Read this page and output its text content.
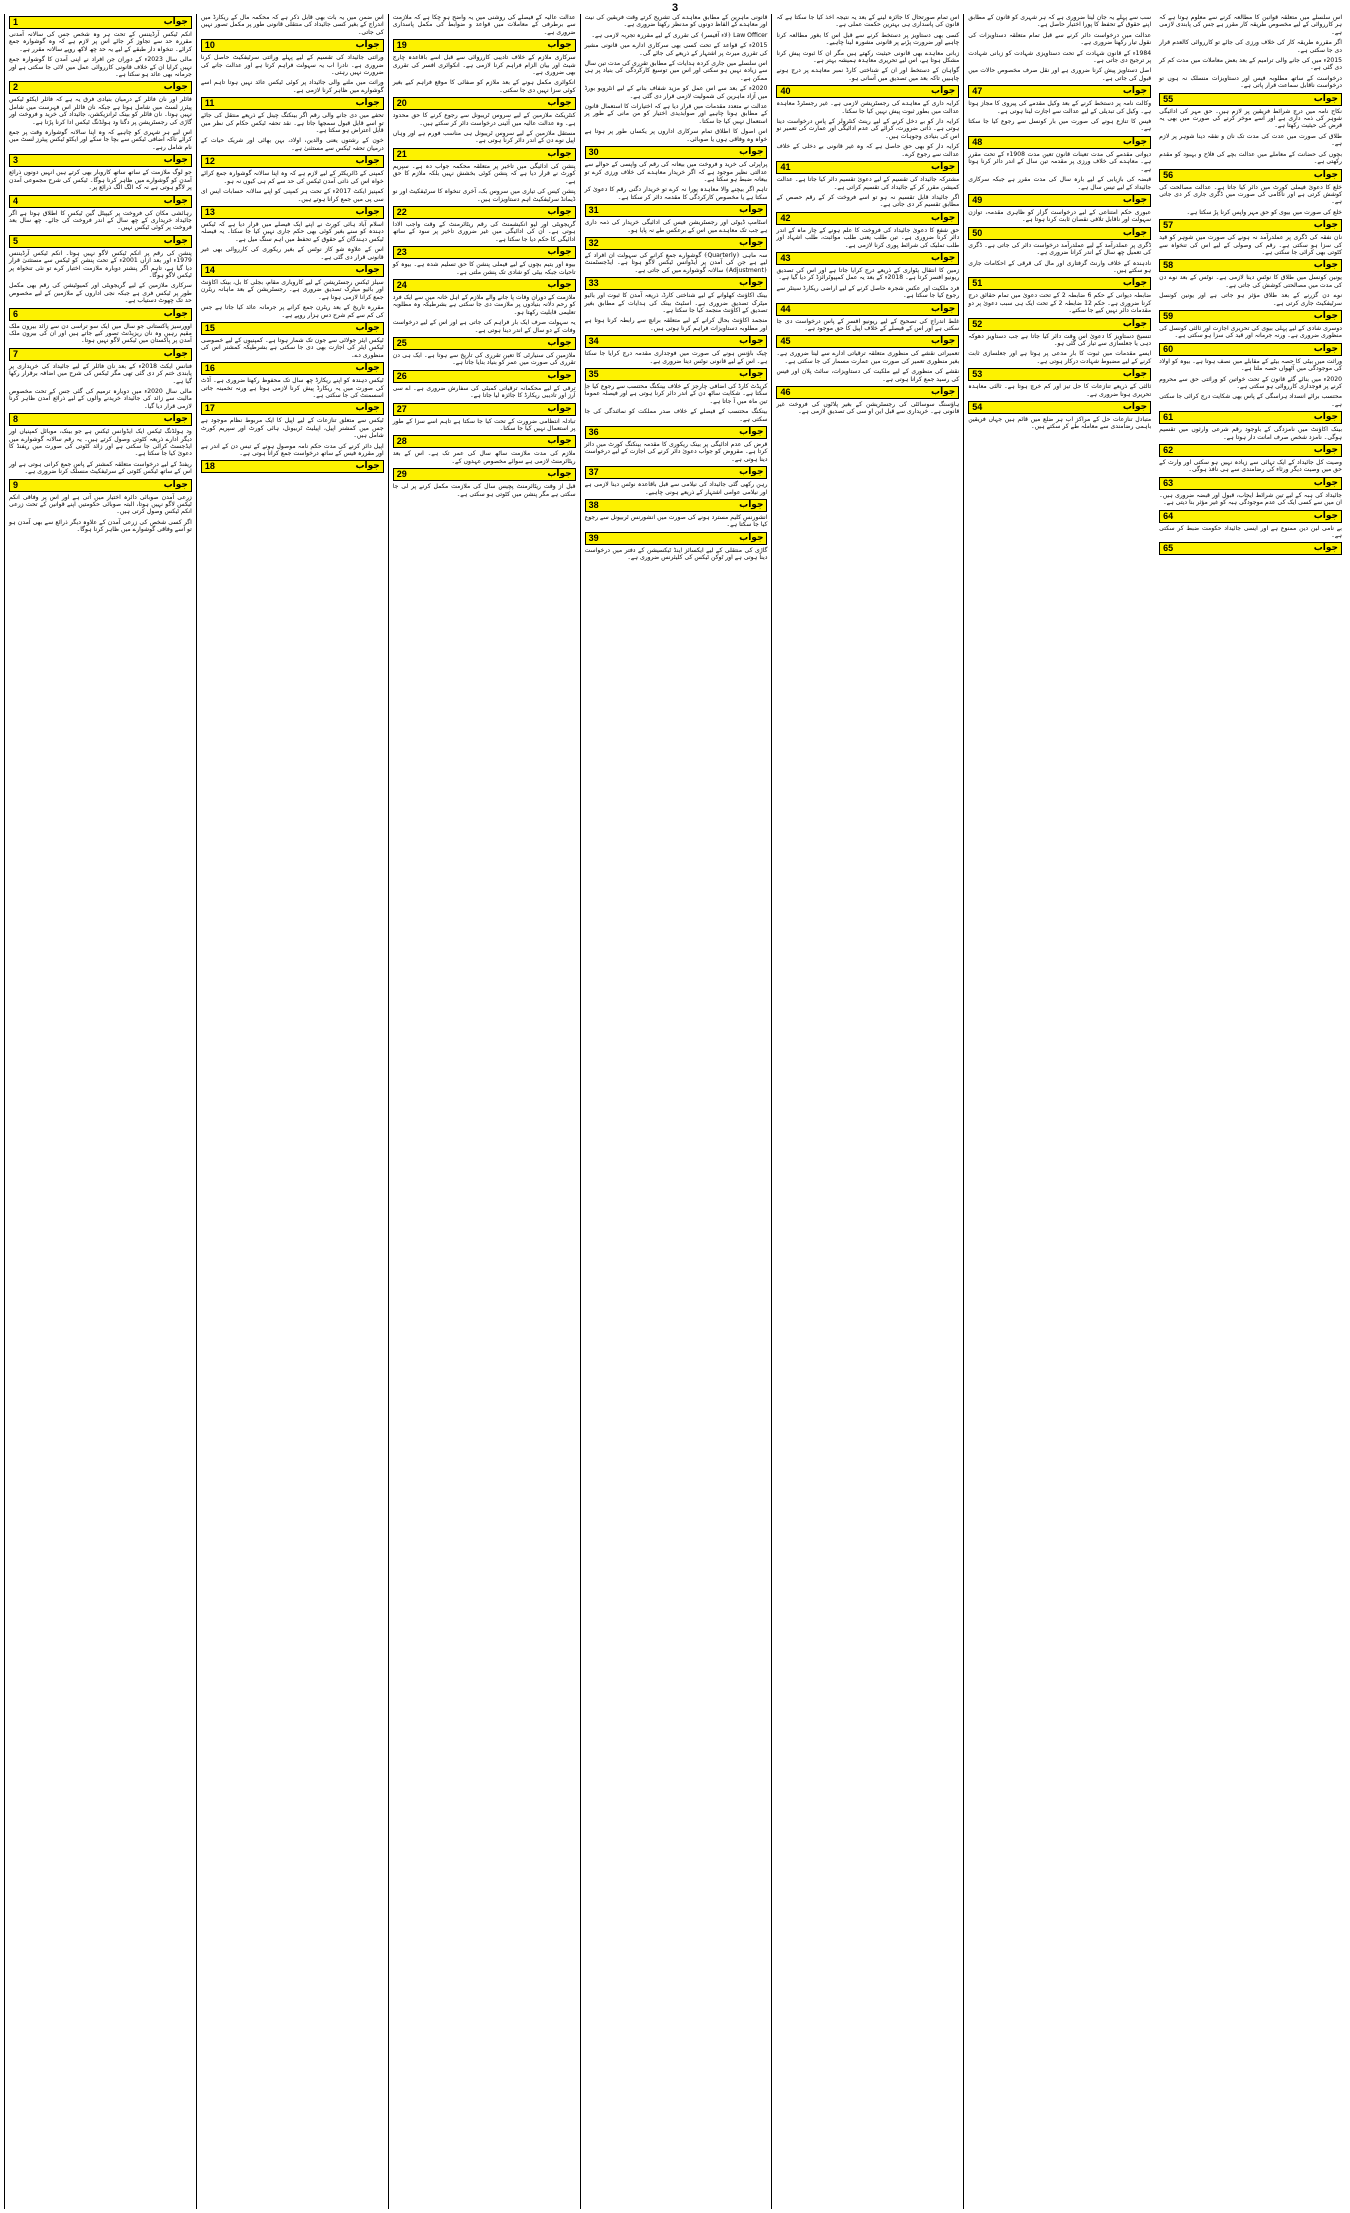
3
1	جواب
انکم ٹیکس آرڈیننس کے تحت ہر وہ شخص جس کی سالانہ آمدنی مقررہ حد سے تجاوز کر جائے اس پر لازم ہے کہ وہ گوشوارہ جمع کرائے۔ تنخواہ دار طبقے کے لیے یہ حد چھ لاکھ روپے سالانہ مقرر ہے۔
مالی سال 2023ء کے دوران جن افراد نے اپنی آمدن کا گوشوارہ جمع نہیں کرایا ان کے خلاف قانونی کارروائی عمل میں لائی جا سکتی ہے اور جرمانہ بھی عائد ہو سکتا ہے۔
2	جواب
فائلر اور نان فائلر کے درمیان بنیادی فرق یہ ہے کہ فائلر ایکٹو ٹیکس پیئرز لسٹ میں شامل ہوتا ہے جبکہ نان فائلر اس فہرست میں شامل نہیں ہوتا۔ نان فائلر کو بینک ٹرانزیکشن، جائیداد کی خرید و فروخت اور گاڑی کی رجسٹریشن پر دگنا ود ہولڈنگ ٹیکس ادا کرنا پڑتا ہے۔
اس لیے ہر شہری کو چاہیے کہ وہ اپنا سالانہ گوشوارہ وقت پر جمع کرائے تاکہ اضافی ٹیکس سے بچا جا سکے اور ایکٹو ٹیکس پیئرز لسٹ میں نام شامل رہے۔
3	جواب
جو لوگ ملازمت کے ساتھ ساتھ کاروبار بھی کرتے ہیں انہیں دونوں ذرائع آمدن کو گوشوارے میں ظاہر کرنا ہوگا۔ ٹیکس کی شرح مجموعی آمدن پر لاگو ہوتی ہے نہ کہ الگ الگ ذرائع پر۔
4	جواب
رہائشی مکان کی فروخت پر کیپیٹل گین ٹیکس کا اطلاق ہوتا ہے اگر جائیداد خریداری کے چھ سال کے اندر فروخت کی جائے۔ چھ سال بعد فروخت پر کوئی ٹیکس نہیں۔
5	جواب
پنشن کی رقم پر انکم ٹیکس لاگو نہیں ہوتا۔ انکم ٹیکس آرڈیننس 1979ء اور بعد ازاں 2001ء کے تحت پنشن کو ٹیکس سے مستثنیٰ قرار دیا گیا ہے، تاہم اگر پنشنر دوبارہ ملازمت اختیار کرے تو نئی تنخواہ پر ٹیکس لاگو ہوگا۔
سرکاری ملازمین کے لیے گریجویٹی اور کمیوٹیشن کی رقم بھی مکمل طور پر ٹیکس فری ہے جبکہ نجی اداروں کے ملازمین کے لیے مخصوص حد تک چھوٹ دستیاب ہے۔
6	جواب
اوورسیز پاکستانی جو سال میں ایک سو تراسی دن سے زائد بیرون ملک مقیم رہیں وہ نان ریزیڈنٹ تصور کیے جاتے ہیں اور ان کی بیرون ملک آمدن پر پاکستان میں ٹیکس لاگو نہیں ہوتا۔
7	جواب
فنانس ایکٹ 2018ء کے بعد نان فائلر کے لیے جائیداد کی خریداری پر پابندی ختم کر دی گئی تھی مگر ٹیکس کی شرح میں اضافہ برقرار رکھا گیا ہے۔
مالی سال 2020ء میں دوبارہ ترمیم کی گئی جس کے تحت مخصوص مالیت سے زائد کی جائیداد خریدنے والوں کے لیے ذرائع آمدن ظاہر کرنا لازمی قرار دیا گیا۔
8	جواب
ود ہولڈنگ ٹیکس ایک ایڈوانس ٹیکس ہے جو بینک، موبائل کمپنیاں اور دیگر ادارے ذریعہ کٹوتی وصول کرتے ہیں۔ یہ رقم سالانہ گوشوارے میں ایڈجسٹ کرائی جا سکتی ہے اور زائد کٹوتی کی صورت میں ریفنڈ کا دعویٰ کیا جا سکتا ہے۔
ریفنڈ کے لیے درخواست متعلقہ کمشنر کے پاس جمع کرانی ہوتی ہے اور اس کے ساتھ ٹیکس کٹوتی کے سرٹیفکیٹ منسلک کرنا ضروری ہے۔
9	جواب
زرعی آمدن صوبائی دائرہ اختیار میں آتی ہے اور اس پر وفاقی انکم ٹیکس لاگو نہیں ہوتا، البتہ صوبائی حکومتیں اپنے قوانین کے تحت زرعی انکم ٹیکس وصول کرتی ہیں۔
اگر کسی شخص کی زرعی آمدن کے علاوہ دیگر ذرائع سے بھی آمدن ہو تو اسے وفاقی گوشوارے میں ظاہر کرنا ہوگا۔
اس ضمن میں یہ بات بھی قابل ذکر ہے کہ محکمہ مال کے ریکارڈ میں اندراج کے بغیر کسی جائیداد کی منتقلی قانونی طور پر مکمل تصور نہیں کی جاتی۔
10	جواب
وراثتی جائیداد کی تقسیم کے لیے پہلے وراثتی سرٹیفکیٹ حاصل کرنا ضروری ہے۔ نادرا اب یہ سہولت فراہم کرتا ہے اور عدالت جانے کی ضرورت نہیں رہتی۔
وراثت میں ملنے والی جائیداد پر کوئی ٹیکس عائد نہیں ہوتا تاہم اسے گوشوارے میں ظاہر کرنا لازمی ہے۔
11	جواب
تحفے میں دی جانے والی رقم اگر بینکنگ چینل کے ذریعے منتقل کی جائے تو اسے قابل قبول سمجھا جاتا ہے۔ نقد تحفہ ٹیکس حکام کی نظر میں قابل اعتراض ہو سکتا ہے۔
خون کے رشتوں یعنی والدین، اولاد، بہن بھائی اور شریک حیات کے درمیان تحفہ ٹیکس سے مستثنیٰ ہے۔
12	جواب
کمپنی کے ڈائریکٹر کے لیے لازم ہے کہ وہ اپنا سالانہ گوشوارہ جمع کرائے خواہ اس کی ذاتی آمدن ٹیکس کی حد سے کم ہی کیوں نہ ہو۔
کمپنیز ایکٹ 2017ء کے تحت ہر کمپنی کو اپنے سالانہ حسابات ایس ای سی پی میں جمع کرانا ہوتے ہیں۔
13	جواب
اسلام آباد ہائی کورٹ نے اپنے ایک فیصلے میں قرار دیا ہے کہ ٹیکس دہندہ کو سنے بغیر کوئی بھی حکم جاری نہیں کیا جا سکتا۔ یہ فیصلہ ٹیکس دہندگان کے حقوق کے تحفظ میں اہم سنگ میل ہے۔
اس کے علاوہ شو کاز نوٹس کے بغیر ریکوری کی کارروائی بھی غیر قانونی قرار دی گئی ہے۔
14	جواب
سیلز ٹیکس رجسٹریشن کے لیے کاروباری مقام، بجلی کا بل، بینک اکاؤنٹ اور بائیو میٹرک تصدیق ضروری ہے۔ رجسٹریشن کے بعد ماہانہ ریٹرن جمع کرانا لازمی ہوتا ہے۔
مقررہ تاریخ کے بعد ریٹرن جمع کرانے پر جرمانہ عائد کیا جاتا ہے جس کی کم سے کم شرح دس ہزار روپے ہے۔
15	جواب
ٹیکس ایئر جولائی سے جون تک شمار ہوتا ہے۔ کمپنیوں کے لیے خصوصی ٹیکس ایئر کی اجازت بھی دی جا سکتی ہے بشرطیکہ کمشنر اس کی منظوری دے۔
16	جواب
ٹیکس دہندہ کو اپنے ریکارڈ چھ سال تک محفوظ رکھنا ضروری ہے۔ آڈٹ کی صورت میں یہ ریکارڈ پیش کرنا لازمی ہوتا ہے ورنہ تخمینہ جاتی اسسمنٹ کی جا سکتی ہے۔
17	جواب
ٹیکس سے متعلق تنازعات کے لیے اپیل کا ایک مربوط نظام موجود ہے جس میں کمشنر اپیل، اپیلیٹ ٹربیونل، ہائی کورٹ اور سپریم کورٹ شامل ہیں۔
اپیل دائر کرنے کی مدت حکم نامہ موصول ہونے کے تیس دن کے اندر ہے اور مقررہ فیس کے ساتھ درخواست جمع کرانا ہوتی ہے۔
18	جواب
عدالت عالیہ کے فیصلے کی روشنی میں یہ واضح ہو چکا ہے کہ ملازمت سے برطرفی کے معاملات میں قواعد و ضوابط کی مکمل پاسداری ضروری ہے۔
19	جواب
سرکاری ملازم کے خلاف تادیبی کارروائی سے قبل اسے باقاعدہ چارج شیٹ اور بیان الزام فراہم کرنا لازمی ہے۔ انکوائری افسر کی تقرری بھی ضروری ہے۔
انکوائری مکمل ہونے کے بعد ملازم کو صفائی کا موقع فراہم کیے بغیر کوئی سزا نہیں دی جا سکتی۔
20	جواب
کنٹریکٹ ملازمین کے لیے سروس ٹریبونل سے رجوع کرنے کا حق محدود ہے۔ وہ عدالت عالیہ میں آئینی درخواست دائر کر سکتے ہیں۔
مستقل ملازمین کے لیے سروس ٹریبونل ہی مناسب فورم ہے اور وہاں اپیل نوے دن کے اندر دائر کرنا ہوتی ہے۔
21	جواب
پنشن کی ادائیگی میں تاخیر پر متعلقہ محکمہ جواب دہ ہے۔ سپریم کورٹ نے قرار دیا ہے کہ پنشن کوئی بخشش نہیں بلکہ ملازم کا حق ہے۔
پنشن کیس کی تیاری میں سروس بک، آخری تنخواہ کا سرٹیفکیٹ اور نو ڈیمانڈ سرٹیفکیٹ اہم دستاویزات ہیں۔
22	جواب
گریجویٹی اور لیو انکیشمنٹ کی رقم ریٹائرمنٹ کے وقت واجب الادا ہوتی ہے۔ ان کی ادائیگی میں غیر ضروری تاخیر پر سود کے ساتھ ادائیگی کا حکم دیا جا سکتا ہے۔
23	جواب
بیوہ اور یتیم بچوں کے لیے فیملی پنشن کا حق تسلیم شدہ ہے۔ بیوہ کو تاحیات جبکہ بیٹی کو شادی تک پنشن ملتی ہے۔
24	جواب
ملازمت کے دوران وفات پا جانے والے ملازم کے اہل خانہ میں سے ایک فرد کو رحم دلانہ بنیادوں پر ملازمت دی جا سکتی ہے بشرطیکہ وہ مطلوبہ تعلیمی قابلیت رکھتا ہو۔
یہ سہولت صرف ایک بار فراہم کی جاتی ہے اور اس کے لیے درخواست وفات کے دو سال کے اندر دینا ہوتی ہے۔
25	جواب
ملازمین کی سنیارٹی کا تعین تقرری کی تاریخ سے ہوتا ہے۔ ایک ہی دن تقرری کی صورت میں عمر کو بنیاد بنایا جاتا ہے۔
26	جواب
ترقی کے لیے محکمانہ ترقیاتی کمیٹی کی سفارش ضروری ہے۔ اے سی آرز اور تادیبی ریکارڈ کا جائزہ لیا جاتا ہے۔
27	جواب
تبادلہ انتظامی ضرورت کے تحت کیا جا سکتا ہے تاہم اسے سزا کے طور پر استعمال نہیں کیا جا سکتا۔
28	جواب
ملازم کی مدت ملازمت ساٹھ سال کی عمر تک ہے۔ اس کے بعد ریٹائرمنٹ لازمی ہے سوائے مخصوص عہدوں کے۔
29	جواب
قبل از وقت ریٹائرمنٹ پچیس سال کی ملازمت مکمل کرنے پر لی جا سکتی ہے مگر پنشن میں کٹوتی ہو سکتی ہے۔
قانونی ماہرین کے مطابق معاہدے کی تشریح کرتے وقت فریقین کی نیت اور معاہدے کے الفاظ دونوں کو مدنظر رکھنا ضروری ہے۔
Law Officer ﴿ﻻء آفیسر﴾ کی تقرری کے لیے مقررہ تجربہ لازمی ہے۔
2015ء کے قواعد کے تحت کسی بھی سرکاری ادارے میں قانونی مشیر کی تقرری میرٹ پر اشتہار کے ذریعے کی جائے گی۔
اس سلسلے میں جاری کردہ ہدایات کے مطابق تقرری کی مدت تین سال سے زیادہ نہیں ہو سکتی اور اس میں توسیع کارکردگی کی بنیاد پر ہی ممکن ہے۔
2020ء کے بعد سے اس عمل کو مزید شفاف بنانے کے لیے انٹرویو بورڈ میں آزاد ماہرین کی شمولیت لازمی قرار دی گئی ہے۔
عدالت نے متعدد مقدمات میں قرار دیا ہے کہ اختیارات کا استعمال قانون کے مطابق ہونا چاہیے اور صوابدیدی اختیار کو من مانی کے طور پر استعمال نہیں کیا جا سکتا۔
اس اصول کا اطلاق تمام سرکاری اداروں پر یکساں طور پر ہوتا ہے خواہ وہ وفاقی ہوں یا صوبائی۔
30	جواب
پراپرٹی کی خرید و فروخت میں بیعانہ کی رقم کی واپسی کے حوالے سے عدالتی نظیر موجود ہے کہ اگر خریدار معاہدے کی خلاف ورزی کرے تو بیعانہ ضبط ہو سکتا ہے۔
تاہم اگر بیچنے والا معاہدہ پورا نہ کرے تو خریدار دگنی رقم کا دعویٰ کر سکتا ہے یا مخصوص کارکردگی کا مقدمہ دائر کر سکتا ہے۔
31	جواب
اسٹامپ ڈیوٹی اور رجسٹریشن فیس کی ادائیگی خریدار کی ذمہ داری ہے جب تک معاہدے میں اس کے برعکس طے نہ پایا ہو۔
32	جواب
سہ ماہی ﴿Quarterly﴾ گوشوارے جمع کرانے کی سہولت ان افراد کے لیے ہے جن کی آمدن پر ایڈوانس ٹیکس لاگو ہوتا ہے۔ ایڈجسٹمنٹ ﴿Adjustment﴾ سالانہ گوشوارے میں کی جاتی ہے۔
33	جواب
بینک اکاؤنٹ کھلوانے کے لیے شناختی کارڈ، ذریعہ آمدن کا ثبوت اور بائیو میٹرک تصدیق ضروری ہے۔ اسٹیٹ بینک کی ہدایات کے مطابق بغیر تصدیق کے اکاؤنٹ منجمد کیا جا سکتا ہے۔
منجمد اکاؤنٹ بحال کرانے کے لیے متعلقہ برانچ سے رابطہ کرنا ہوتا ہے اور مطلوبہ دستاویزات فراہم کرنا ہوتی ہیں۔
34	جواب
چیک باؤنس ہونے کی صورت میں فوجداری مقدمہ درج کرایا جا سکتا ہے۔ اس کے لیے قانونی نوٹس دینا ضروری ہے۔
35	جواب
کریڈٹ کارڈ کی اضافی چارجز کے خلاف بینکنگ محتسب سے رجوع کیا جا سکتا ہے۔ شکایت ساٹھ دن کے اندر دائر کرنا ہوتی ہے اور فیصلہ عموماً تین ماہ میں آ جاتا ہے۔
بینکنگ محتسب کے فیصلے کے خلاف صدر مملکت کو نمائندگی کی جا سکتی ہے۔
36	جواب
قرض کی عدم ادائیگی پر بینک ریکوری کا مقدمہ بینکنگ کورٹ میں دائر کرتا ہے۔ مقروض کو جواب دعویٰ دائر کرنے کی اجازت کے لیے درخواست دینا ہوتی ہے۔
37	جواب
رہن رکھی گئی جائیداد کی نیلامی سے قبل باقاعدہ نوٹس دینا لازمی ہے اور نیلامی عوامی اشتہار کے ذریعے ہونی چاہیے۔
38	جواب
انشورنس کلیم مسترد ہونے کی صورت میں انشورنس ٹربیونل سے رجوع کیا جا سکتا ہے۔
39	جواب
گاڑی کی منتقلی کے لیے ایکسائز اینڈ ٹیکسیشن کے دفتر میں درخواست دینا ہوتی ہے اور ٹوکن ٹیکس کی کلیئرنس ضروری ہے۔
اس تمام صورتحال کا جائزہ لینے کے بعد یہ نتیجہ اخذ کیا جا سکتا ہے کہ قانون کی پاسداری ہی بہترین حکمت عملی ہے۔
کسی بھی دستاویز پر دستخط کرنے سے قبل اس کا بغور مطالعہ کرنا چاہیے اور ضرورت پڑنے پر قانونی مشورہ لینا چاہیے۔
زبانی معاہدے بھی قانونی حیثیت رکھتے ہیں مگر ان کا ثبوت پیش کرنا مشکل ہوتا ہے، اس لیے تحریری معاہدہ ہمیشہ بہتر ہے۔
گواہان کے دستخط اور ان کے شناختی کارڈ نمبر معاہدے پر درج ہونے چاہییں تاکہ بعد میں تصدیق میں آسانی ہو۔
40	جواب
کرایہ داری کے معاہدے کی رجسٹریشن لازمی ہے۔ غیر رجسٹرڈ معاہدہ عدالت میں بطور ثبوت پیش نہیں کیا جا سکتا۔
کرایہ دار کو بے دخل کرنے کے لیے رینٹ کنٹرولر کے پاس درخواست دینا ہوتی ہے۔ ذاتی ضرورت، کرائے کی عدم ادائیگی اور عمارت کی تعمیر نو اس کی بنیادی وجوہات ہیں۔
کرایہ دار کو بھی حق حاصل ہے کہ وہ غیر قانونی بے دخلی کے خلاف عدالت سے رجوع کرے۔
41	جواب
مشترکہ جائیداد کی تقسیم کے لیے دعویٰ تقسیم دائر کیا جاتا ہے۔ عدالت کمیشن مقرر کر کے جائیداد کی تقسیم کراتی ہے۔
اگر جائیداد قابل تقسیم نہ ہو تو اسے فروخت کر کے رقم حصص کے مطابق تقسیم کر دی جاتی ہے۔
42	جواب
حق شفع کا دعویٰ جائیداد کی فروخت کا علم ہونے کے چار ماہ کے اندر دائر کرنا ضروری ہے۔ تین طلب یعنی طلب مواثبت، طلب اشہاد اور طلب تملیک کی شرائط پوری کرنا لازمی ہے۔
43	جواب
زمین کا انتقال پٹواری کے ذریعے درج کرایا جاتا ہے اور اس کی تصدیق ریونیو افسر کرتا ہے۔ 2018ء کے بعد یہ عمل کمپیوٹرائزڈ کر دیا گیا ہے۔
فرد ملکیت اور عکس شجرہ حاصل کرنے کے لیے اراضی ریکارڈ سینٹر سے رجوع کیا جا سکتا ہے۔
44	جواب
غلط اندراج کی تصحیح کے لیے ریونیو افسر کے پاس درخواست دی جا سکتی ہے اور اس کے فیصلے کے خلاف اپیل کا حق موجود ہے۔
45	جواب
تعمیراتی نقشے کی منظوری متعلقہ ترقیاتی ادارے سے لینا ضروری ہے۔ بغیر منظوری تعمیر کی صورت میں عمارت مسمار کی جا سکتی ہے۔
نقشے کی منظوری کے لیے ملکیت کی دستاویزات، سائٹ پلان اور فیس کی رسید جمع کرانا ہوتی ہے۔
46	جواب
ہاؤسنگ سوسائٹی کی رجسٹریشن کے بغیر پلاٹوں کی فروخت غیر قانونی ہے۔ خریداری سے قبل این او سی کی تصدیق لازمی ہے۔
سب سے پہلے یہ جان لینا ضروری ہے کہ ہر شہری کو قانون کے مطابق اپنے حقوق کے تحفظ کا پورا اختیار حاصل ہے۔
عدالت میں درخواست دائر کرنے سے قبل تمام متعلقہ دستاویزات کی نقول تیار رکھنا ضروری ہے۔
1984ء کے قانون شہادت کے تحت دستاویزی شہادت کو زبانی شہادت پر ترجیح دی جاتی ہے۔
اصل دستاویز پیش کرنا ضروری ہے اور نقل صرف مخصوص حالات میں قبول کی جاتی ہے۔
47	جواب
وکالت نامہ پر دستخط کرنے کے بعد وکیل مقدمے کی پیروی کا مجاز ہوتا ہے۔ وکیل کی تبدیلی کے لیے عدالت سے اجازت لینا ہوتی ہے۔
فیس کا تنازع ہونے کی صورت میں بار کونسل سے رجوع کیا جا سکتا ہے۔
48	جواب
دیوانی مقدمے کی مدت تعینات قانون تعین مدت 1908ء کے تحت مقرر ہے۔ معاہدے کی خلاف ورزی پر مقدمہ تین سال کے اندر دائر کرنا ہوتا ہے۔
قبضہ کی بازیابی کے لیے بارہ سال کی مدت مقرر ہے جبکہ سرکاری جائیداد کے لیے تیس سال ہے۔
49	جواب
عبوری حکم امتناعی کے لیے درخواست گزار کو ظاہری مقدمہ، توازن سہولت اور ناقابل تلافی نقصان ثابت کرنا ہوتا ہے۔
50	جواب
ڈگری پر عملدرآمد کے لیے عملدرآمد درخواست دائر کی جاتی ہے۔ ڈگری کی تعمیل چھ سال کے اندر کرانا ضروری ہے۔
نادہندہ کے خلاف وارنٹ گرفتاری اور مال کی قرقی کے احکامات جاری ہو سکتے ہیں۔
51	جواب
ضابطہ دیوانی کے حکم 6 ضابطہ 2 کے تحت دعویٰ میں تمام حقائق درج کرنا ضروری ہے۔ حکم 12 ضابطہ 2 کے تحت ایک ہی سبب دعویٰ پر دو مقدمات دائر نہیں کیے جا سکتے۔
52	جواب
تنسیخ دستاویز کا دعویٰ اس وقت دائر کیا جاتا ہے جب دستاویز دھوکہ دہی یا جعلسازی سے تیار کی گئی ہو۔
ایسے مقدمات میں ثبوت کا بار مدعی پر ہوتا ہے اور جعلسازی ثابت کرنے کے لیے مضبوط شہادت درکار ہوتی ہے۔
53	جواب
ثالثی کے ذریعے تنازعات کا حل تیز اور کم خرچ ہوتا ہے۔ ثالثی معاہدہ تحریری ہونا ضروری ہے۔
54	جواب
متبادل تنازعات حل کے مراکز اب ہر ضلع میں قائم ہیں جہاں فریقین باہمی رضامندی سے معاملہ طے کر سکتے ہیں۔
اس سلسلے میں متعلقہ قوانین کا مطالعہ کرنے سے معلوم ہوتا ہے کہ ہر کارروائی کے لیے مخصوص طریقہ کار مقرر ہے جس کی پابندی لازمی ہے۔
اگر مقررہ طریقہ کار کی خلاف ورزی کی جائے تو کارروائی کالعدم قرار دی جا سکتی ہے۔
2015ء میں کی جانے والی ترامیم کے بعد بعض معاملات میں مدت کم کر دی گئی ہے۔
درخواست کے ساتھ مطلوبہ فیس اور دستاویزات منسلک نہ ہوں تو درخواست ناقابل سماعت قرار پاتی ہے۔
55	جواب
نکاح نامہ میں درج شرائط فریقین پر لازم ہیں۔ حق مہر کی ادائیگی شوہر کی ذمہ داری ہے اور اسے موخر کرنے کی صورت میں بھی یہ قرض کی حیثیت رکھتا ہے۔
طلاق کی صورت میں عدت کی مدت تک نان و نفقہ دینا شوہر پر لازم ہے۔
بچوں کی حضانت کے معاملے میں عدالت بچے کی فلاح و بہبود کو مقدم رکھتی ہے۔
56	جواب
خلع کا دعویٰ فیملی کورٹ میں دائر کیا جاتا ہے۔ عدالت مصالحت کی کوشش کرتی ہے اور ناکامی کی صورت میں ڈگری جاری کر دی جاتی ہے۔
خلع کی صورت میں بیوی کو حق مہر واپس کرنا پڑ سکتا ہے۔
57	جواب
نان نفقہ کی ڈگری پر عملدرآمد نہ ہونے کی صورت میں شوہر کو قید کی سزا ہو سکتی ہے۔ رقم کی وصولی کے لیے اس کی تنخواہ سے کٹوتی بھی کرائی جا سکتی ہے۔
58	جواب
یونین کونسل میں طلاق کا نوٹس دینا لازمی ہے۔ نوٹس کے بعد نوے دن کی مدت میں مصالحتی کوشش کی جاتی ہے۔
نوے دن گزرنے کے بعد طلاق مؤثر ہو جاتی ہے اور یونین کونسل سرٹیفکیٹ جاری کرتی ہے۔
59	جواب
دوسری شادی کے لیے پہلی بیوی کی تحریری اجازت اور ثالثی کونسل کی منظوری ضروری ہے۔ ورنہ جرمانہ اور قید کی سزا ہو سکتی ہے۔
60	جواب
وراثت میں بیٹی کا حصہ بیٹے کے مقابلے میں نصف ہوتا ہے۔ بیوہ کو اولاد کی موجودگی میں آٹھواں حصہ ملتا ہے۔
2020ء میں بنائے گئے قانون کے تحت خواتین کو وراثتی حق سے محروم کرنے پر فوجداری کارروائی ہو سکتی ہے۔
محتسب برائے انسداد ہراسگی کے پاس بھی شکایت درج کرائی جا سکتی ہے۔
61	جواب
بینک اکاؤنٹ میں نامزدگی کے باوجود رقم شرعی وارثوں میں تقسیم ہوگی۔ نامزد شخص صرف امانت دار ہوتا ہے۔
62	جواب
وصیت کل جائیداد کے ایک تہائی سے زیادہ نہیں ہو سکتی اور وارث کے حق میں وصیت دیگر ورثاء کی رضامندی سے ہی نافذ ہوگی۔
63	جواب
جائیداد کی ہبہ کے لیے تین شرائط ایجاب، قبول اور قبضہ ضروری ہیں۔ ان میں سے کسی ایک کی عدم موجودگی ہبہ کو غیر مؤثر بنا دیتی ہے۔
64	جواب
بے نامی لین دین ممنوع ہے اور ایسی جائیداد حکومت ضبط کر سکتی ہے۔
65	جواب
